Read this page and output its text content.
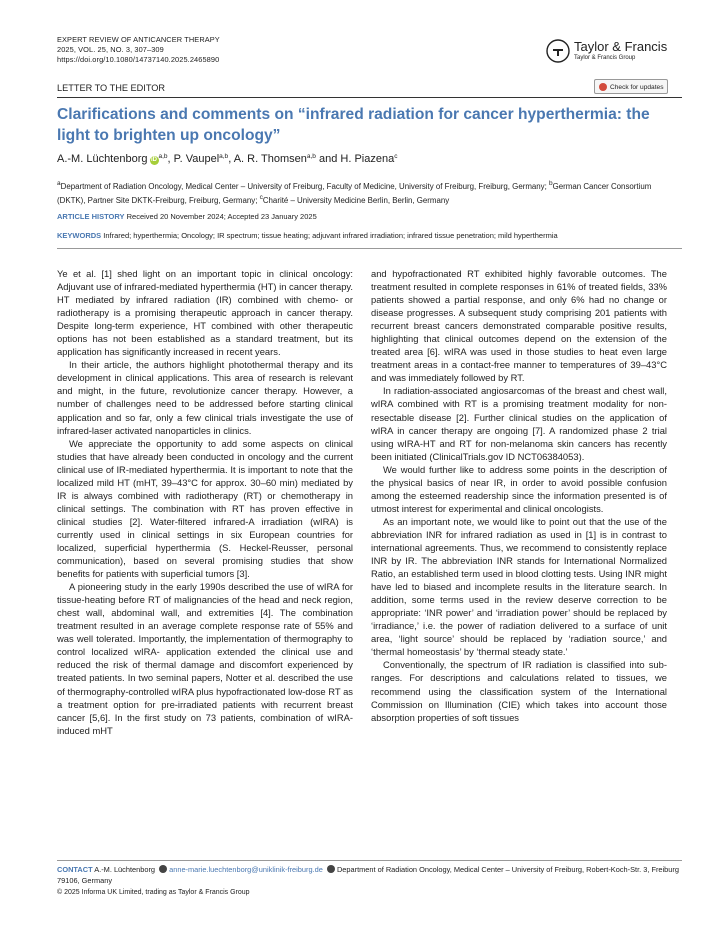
EXPERT REVIEW OF ANTICANCER THERAPY
2025, VOL. 25, NO. 3, 307–309
https://doi.org/10.1080/14737140.2025.2465890
Taylor & Francis
Taylor & Francis Group
LETTER TO THE EDITOR	Check for updates
Clarifications and comments on “infrared radiation for cancer hyperthermia: the light to brighten up oncology”
A.-M. Lüchtenborg iD $^{a,b}$, P. Vaupel$^{a,b}$, A. R. Thomsen$^{a,b}$ and H. Piazena$^c$
$^a$Department of Radiation Oncology, Medical Center – University of Freiburg, Faculty of Medicine, University of Freiburg, Freiburg, Germany; $^b$German Cancer Consortium (DKTK), Partner Site DKTK-Freiburg, Freiburg, Germany; $^c$Charité – University Medicine Berlin, Berlin, Germany
ARTICLE HISTORY Received 20 November 2024; Accepted 23 January 2025
KEYWORDS Infrared; hyperthermia; Oncology; IR spectrum; tissue heating; adjuvant infrared irradiation; infrared tissue penetration; mild hyperthermia

Ye et al. [1] shed light on an important topic in clinical oncology: Adjuvant use of infrared-mediated hyperthermia (HT) in cancer therapy. HT mediated by infrared radiation (IR) combined with chemo- or radiotherapy is a promising therapeutic approach in cancer therapy. Despite long-term experience, HT combined with other therapeutic options has not been established as a standard treatment, but its application has significantly increased in recent years.

In their article, the authors highlight photothermal therapy and its development in clinical applications. This area of research is relevant and might, in the future, revolutionize cancer therapy. However, a number of challenges need to be addressed before starting clinical application and so far, only a few clinical trials investigate the use of infrared-laser activated nanoparticles in clinics.

We appreciate the opportunity to add some aspects on clinical studies that have already been conducted in oncology and the current clinical use of IR-mediated hyperthermia. It is important to note that the localized mild HT (mHT, 39–43°C for approx. 30–60 min) mediated by IR is always combined with radiotherapy (RT) or chemotherapy in clinical settings. The combination with RT has proven effective in clinical studies [2]. Water-filtered infrared-A irradiation (wIRA) is currently used in clinical settings in six European countries for localized, superficial hyperthermia (S. Heckel-Reusser, personal communication), based on several promising studies that show benefits for patients with superficial tumors [3].

A pioneering study in the early 1990s described the use of wIRA for tissue-heating before RT of malignancies of the head and neck region, chest wall, abdominal wall, and extremities [4]. The combination treatment resulted in an average complete response rate of 55% and was well tolerated. Importantly, the implementation of thermography to control localized wIRA- application extended the clinical use and reduced the risk of thermal damage and discomfort experienced by treated patients. In two seminal papers, Notter et al. described the use of thermography-controlled wIRA plus hypofractionated low-dose RT as a treatment option for pre-irradiated patients with recurrent breast cancer [5,6]. In the first study on 73 patients, combination of wIRA-induced mHT

and hypofractionated RT exhibited highly favorable outcomes. The treatment resulted in complete responses in 61% of treated fields, 33% patients showed a partial response, and only 6% had no change or disease progresses. A subsequent study comprising 201 patients with recurrent breast cancers demonstrated comparable positive results, highlighting that clinical outcomes depend on the extension of the treated area [6]. wIRA was used in those studies to heat even large treatment areas in a contact-free manner to temperatures of 39–43°C and was immediately followed by RT.

In radiation-associated angiosarcomas of the breast and chest wall, wIRA combined with RT is a promising treatment modality for non-resectable disease [2]. Further clinical studies on the application of wIRA in cancer therapy are ongoing [7]. A randomized phase 2 trial using wIRA-HT and RT for non-melanoma skin cancers has recently been initiated (ClinicalTrials.gov ID NCT06384053).

We would further like to address some points in the description of the physical basics of near IR, in order to avoid possible confusion among the esteemed readership since the information presented is of utmost interest for experimental and clinical oncologists.

As an important note, we would like to point out that the use of the abbreviation INR for infrared radiation as used in [1] is in contrast to international agreements. Thus, we recommend to consistently replace INR by IR. The abbreviation INR stands for International Normalized Ratio, an established term used in blood clotting tests. Using INR might have led to biased and incomplete results in the literature search. In addition, some terms used in the review deserve correction to be appropriate: ‘INR power’ and ‘irradiation power’ should be replaced by ‘irradiance,’ i.e. the power of radiation delivered to a surface of unit area, ‘light source’ should be replaced by ‘radiation source,’ and ‘thermal homeostasis’ by ‘thermal steady state.’

Conventionally, the spectrum of IR radiation is classified into sub-ranges. For descriptions and calculations related to tissues, we recommend using the classification system of the International Commission on Illumination (CIE) which takes into account those absorption properties of soft tissues

CONTACT A.-M. Lüchtenborg anne-marie.luechtenborg@uniklinik-freiburg.de Department of Radiation Oncology, Medical Center – University of Freiburg, Robert-Koch-Str. 3, Freiburg 79106, Germany
© 2025 Informa UK Limited, trading as Taylor & Francis Group
